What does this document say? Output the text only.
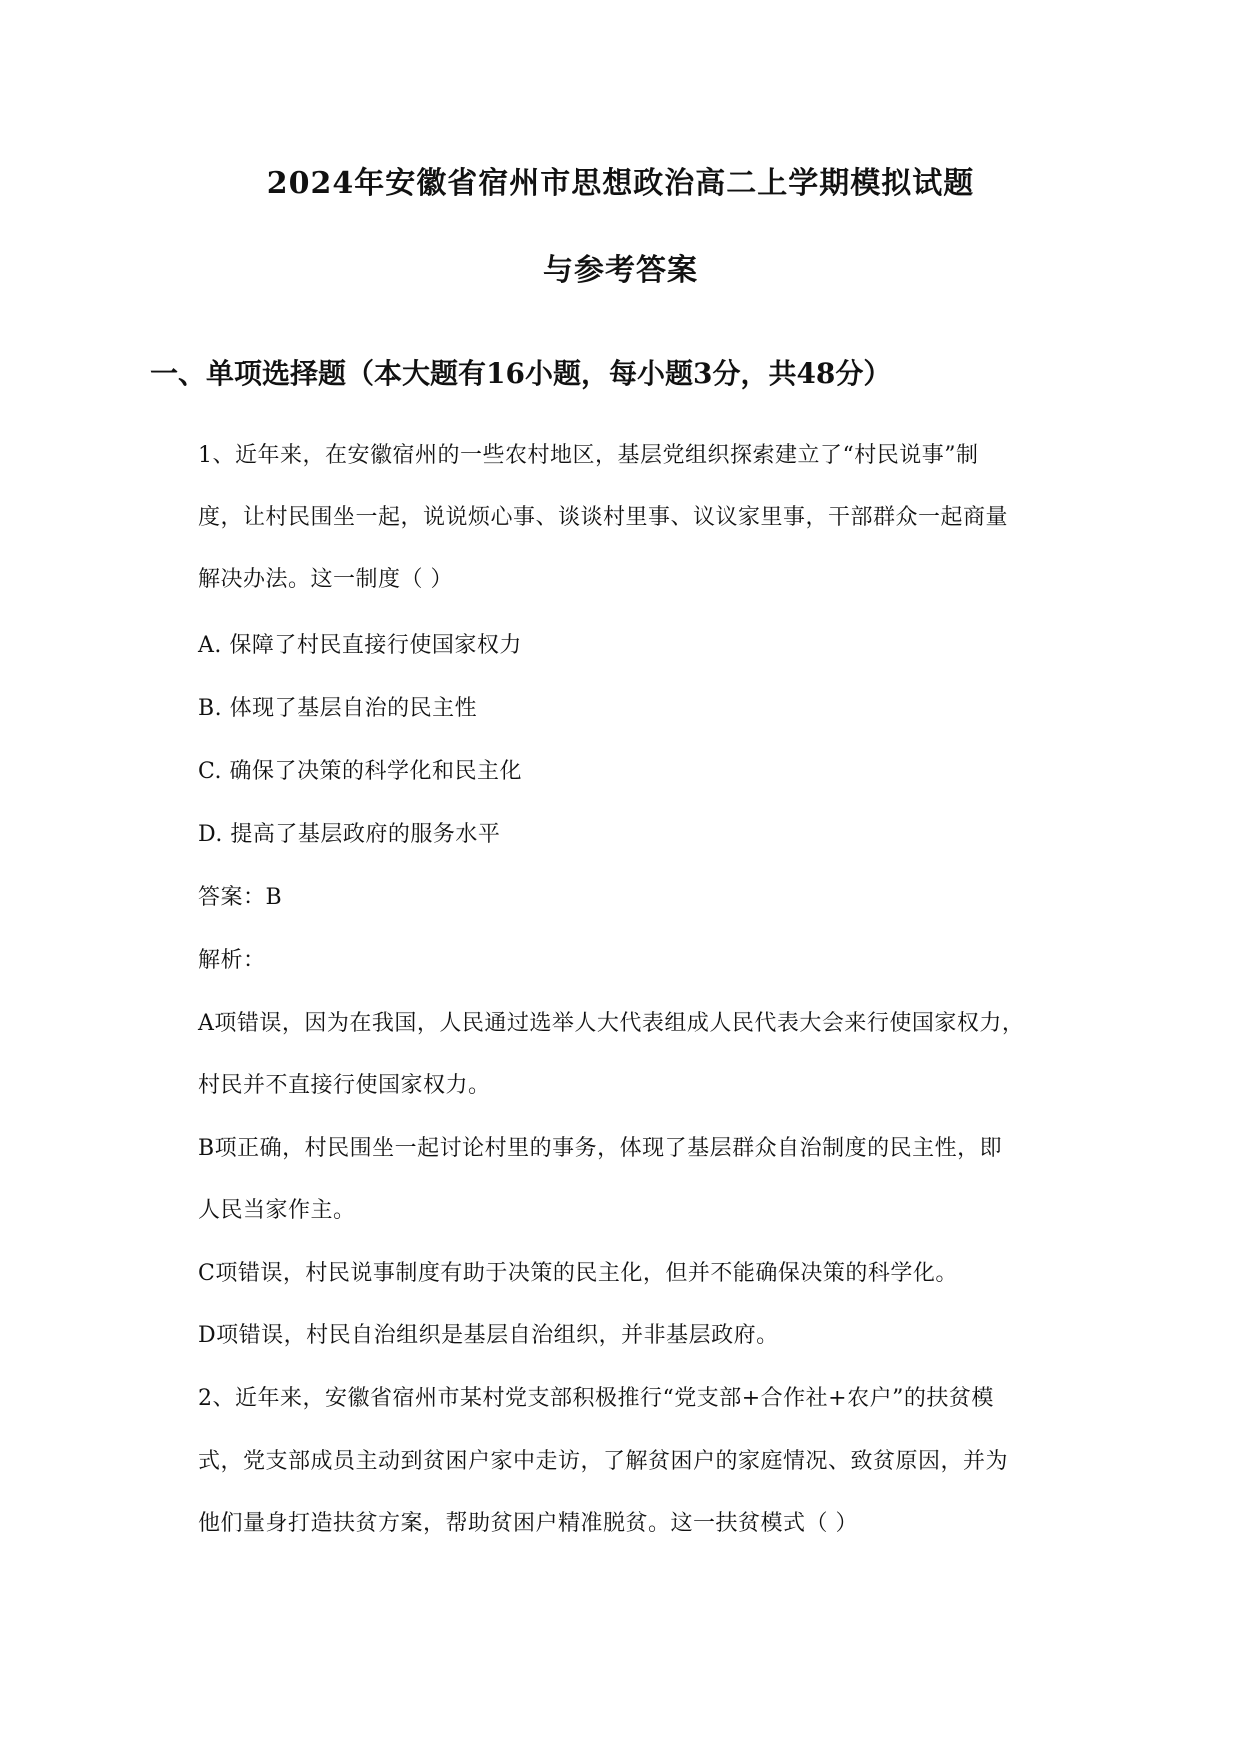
2024年安徽省宿州市思想政治高二上学期模拟试题
与参考答案
一、单项选择题（本大题有16小题，每小题3分，共48分）
1、近年来，在安徽宿州的一些农村地区，基层党组织探索建立了“村民说事”制
度，让村民围坐一起，说说烦心事、谈谈村里事、议议家里事，干部群众一起商量
解决办法。这一制度（ ）
A. 保障了村民直接行使国家权力
B. 体现了基层自治的民主性
C. 确保了决策的科学化和民主化
D. 提高了基层政府的服务水平
答案：B
解析：
A项错误，因为在我国，人民通过选举人大代表组成人民代表大会来行使国家权力，
村民并不直接行使国家权力。
B项正确，村民围坐一起讨论村里的事务，体现了基层群众自治制度的民主性，即
人民当家作主。
C项错误，村民说事制度有助于决策的民主化，但并不能确保决策的科学化。
D项错误，村民自治组织是基层自治组织，并非基层政府。
2、近年来，安徽省宿州市某村党支部积极推行“党支部+合作社+农户”的扶贫模
式，党支部成员主动到贫困户家中走访，了解贫困户的家庭情况、致贫原因，并为
他们量身打造扶贫方案，帮助贫困户精准脱贫。这一扶贫模式（ ）
